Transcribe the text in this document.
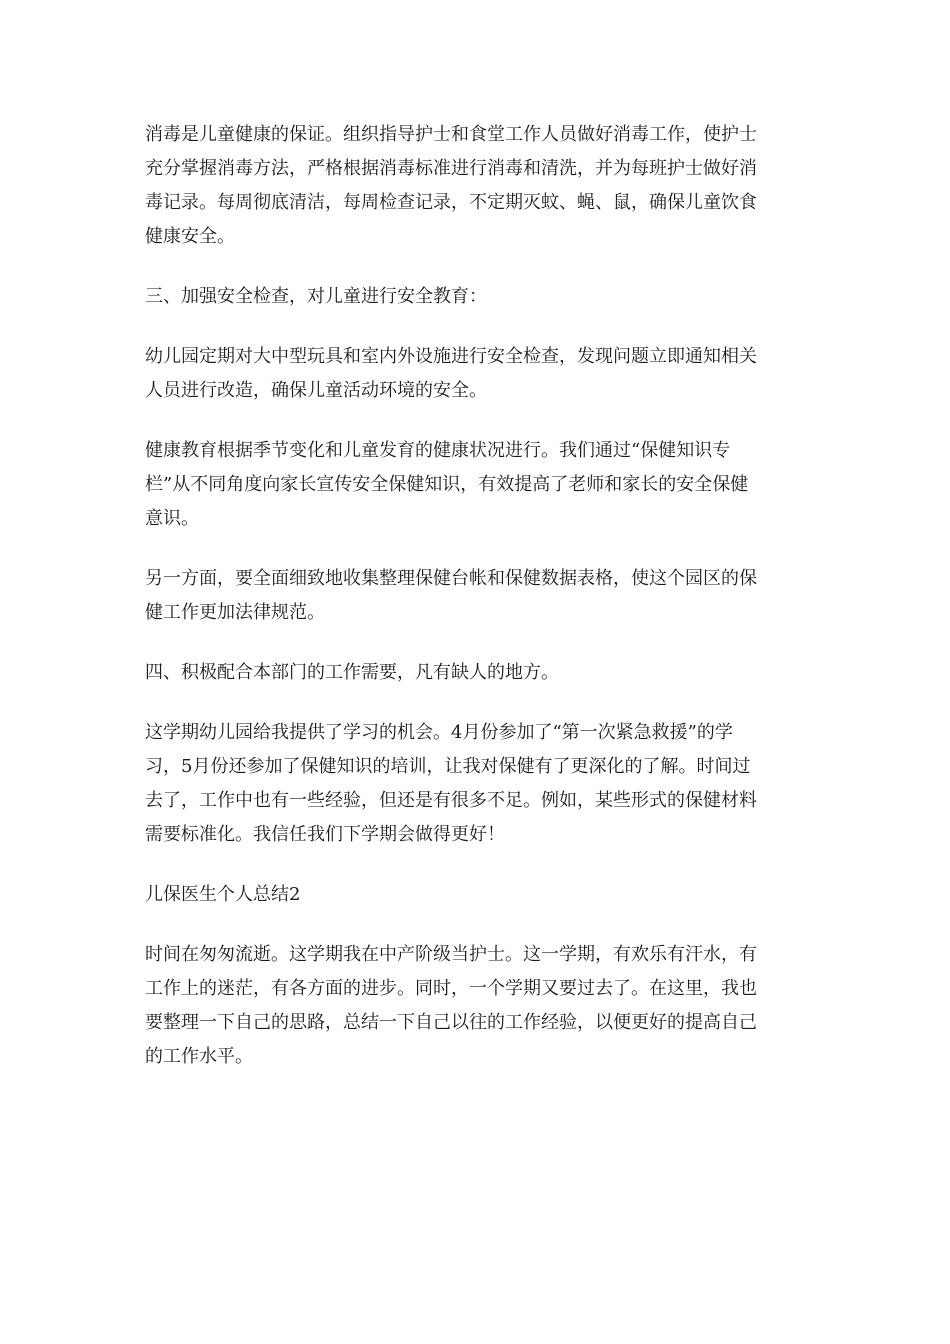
消毒是儿童健康的保证。组织指导护士和食堂工作人员做好消毒工作，使护士
充分掌握消毒方法，严格根据消毒标准进行消毒和清洗，并为每班护士做好消
毒记录。每周彻底清洁，每周检查记录，不定期灭蚊、蝇、鼠，确保儿童饮食
健康安全。

三、加强安全检查，对儿童进行安全教育：

幼儿园定期对大中型玩具和室内外设施进行安全检查，发现问题立即通知相关
人员进行改造，确保儿童活动环境的安全。

健康教育根据季节变化和儿童发育的健康状况进行。我们通过“保健知识专
栏”从不同角度向家长宣传安全保健知识，有效提高了老师和家长的安全保健
意识。

另一方面，要全面细致地收集整理保健台帐和保健数据表格，使这个园区的保
健工作更加法律规范。

四、积极配合本部门的工作需要，凡有缺人的地方。

这学期幼儿园给我提供了学习的机会。4月份参加了“第一次紧急救援”的学
习，5月份还参加了保健知识的培训，让我对保健有了更深化的了解。时间过
去了，工作中也有一些经验，但还是有很多不足。例如，某些形式的保健材料
需要标准化。我信任我们下学期会做得更好！

儿保医生个人总结2

时间在匆匆流逝。这学期我在中产阶级当护士。这一学期，有欢乐有汗水，有
工作上的迷茫，有各方面的进步。同时，一个学期又要过去了。在这里，我也
要整理一下自己的思路，总结一下自己以往的工作经验，以便更好的提高自己
的工作水平。
